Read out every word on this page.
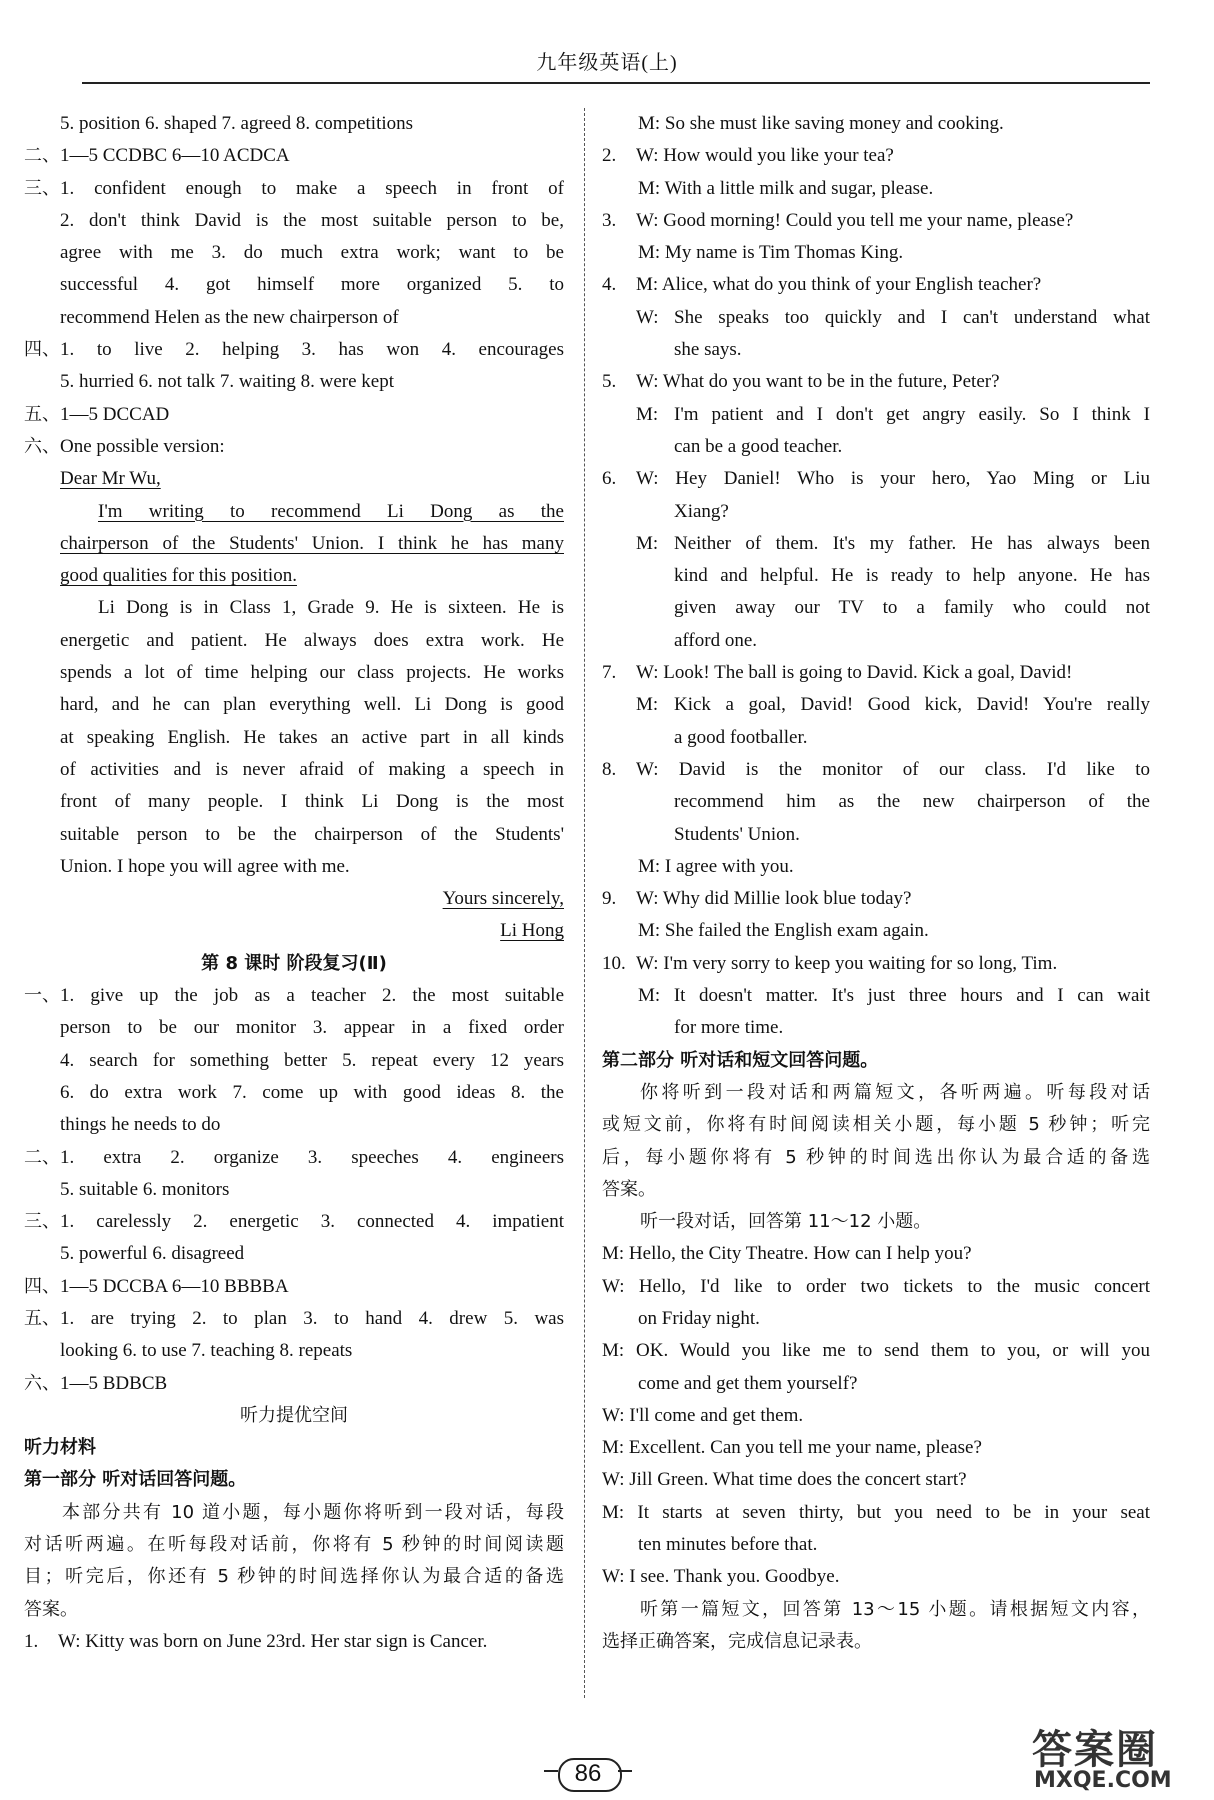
九年级英语(上)
5. position 6. shaped 7. agreed 8. competitions
二、1—5 CCDBC 6—10 ACDCA
三、1. confident enough to make a speech in front of
2. don't think David is the most suitable person to be,
agree with me 3. do much extra work; want to be
successful 4. got himself more organized 5. to
recommend Helen as the new chairperson of
四、1. to live 2. helping 3. has won 4. encourages
5. hurried 6. not talk 7. waiting 8. were kept
五、1—5 DCCAD
六、One possible version:
Dear Mr Wu,
I'm writing to recommend Li Dong as the
chairperson of the Students' Union. I think he has many
good qualities for this position.
Li Dong is in Class 1, Grade 9. He is sixteen. He is
energetic and patient. He always does extra work. He
spends a lot of time helping our class projects. He works
hard, and he can plan everything well. Li Dong is good
at speaking English. He takes an active part in all kinds
of activities and is never afraid of making a speech in
front of many people. I think Li Dong is the most
suitable person to be the chairperson of the Students'
Union. I hope you will agree with me.
Yours sincerely,
Li Hong
第 8 课时 阶段复习(Ⅱ)
一、1. give up the job as a teacher 2. the most suitable
person to be our monitor 3. appear in a fixed order
4. search for something better 5. repeat every 12 years
6. do extra work 7. come up with good ideas 8. the
things he needs to do
二、1. extra 2. organize 3. speeches 4. engineers
5. suitable 6. monitors
三、1. carelessly 2. energetic 3. connected 4. impatient
5. powerful 6. disagreed
四、1—5 DCCBA 6—10 BBBBA
五、1. are trying 2. to plan 3. to hand 4. drew 5. was
looking 6. to use 7. teaching 8. repeats
六、1—5 BDBCB
听力提优空间
听力材料
第一部分 听对话回答问题。
本部分共有 10 道小题，每小题你将听到一段对话，每段
对话听两遍。在听每段对话前，你将有 5 秒钟的时间阅读题
目；听完后，你还有 5 秒钟的时间选择你认为最合适的备选
答案。
1. W: Kitty was born on June 23rd. Her star sign is Cancer.
M: So she must like saving money and cooking.
2. W: How would you like your tea?
M: With a little milk and sugar, please.
3. W: Good morning! Could you tell me your name, please?
M: My name is Tim Thomas King.
4. M: Alice, what do you think of your English teacher?
W: She speaks too quickly and I can't understand what
she says.
5. W: What do you want to be in the future, Peter?
M: I'm patient and I don't get angry easily. So I think I
can be a good teacher.
6. W: Hey Daniel! Who is your hero, Yao Ming or Liu
Xiang?
M: Neither of them. It's my father. He has always been
kind and helpful. He is ready to help anyone. He has
given away our TV to a family who could not
afford one.
7. W: Look! The ball is going to David. Kick a goal, David!
M: Kick a goal, David! Good kick, David! You're really
a good footballer.
8. W: David is the monitor of our class. I'd like to
recommend him as the new chairperson of the
Students' Union.
M: I agree with you.
9. W: Why did Millie look blue today?
M: She failed the English exam again.
10. W: I'm very sorry to keep you waiting for so long, Tim.
M: It doesn't matter. It's just three hours and I can wait
for more time.
第二部分 听对话和短文回答问题。
你将听到一段对话和两篇短文，各听两遍。听每段对话
或短文前，你将有时间阅读相关小题，每小题 5 秒钟；听完
后，每小题你将有 5 秒钟的时间选出你认为最合适的备选
答案。
听一段对话，回答第 11～12 小题。
M: Hello, the City Theatre. How can I help you?
W: Hello, I'd like to order two tickets to the music concert
on Friday night.
M: OK. Would you like me to send them to you, or will you
come and get them yourself?
W: I'll come and get them.
M: Excellent. Can you tell me your name, please?
W: Jill Green. What time does the concert start?
M: It starts at seven thirty, but you need to be in your seat
ten minutes before that.
W: I see. Thank you. Goodbye.
听第一篇短文，回答第 13～15 小题。请根据短文内容，
选择正确答案，完成信息记录表。
86
答案圈
MXQE.COM
